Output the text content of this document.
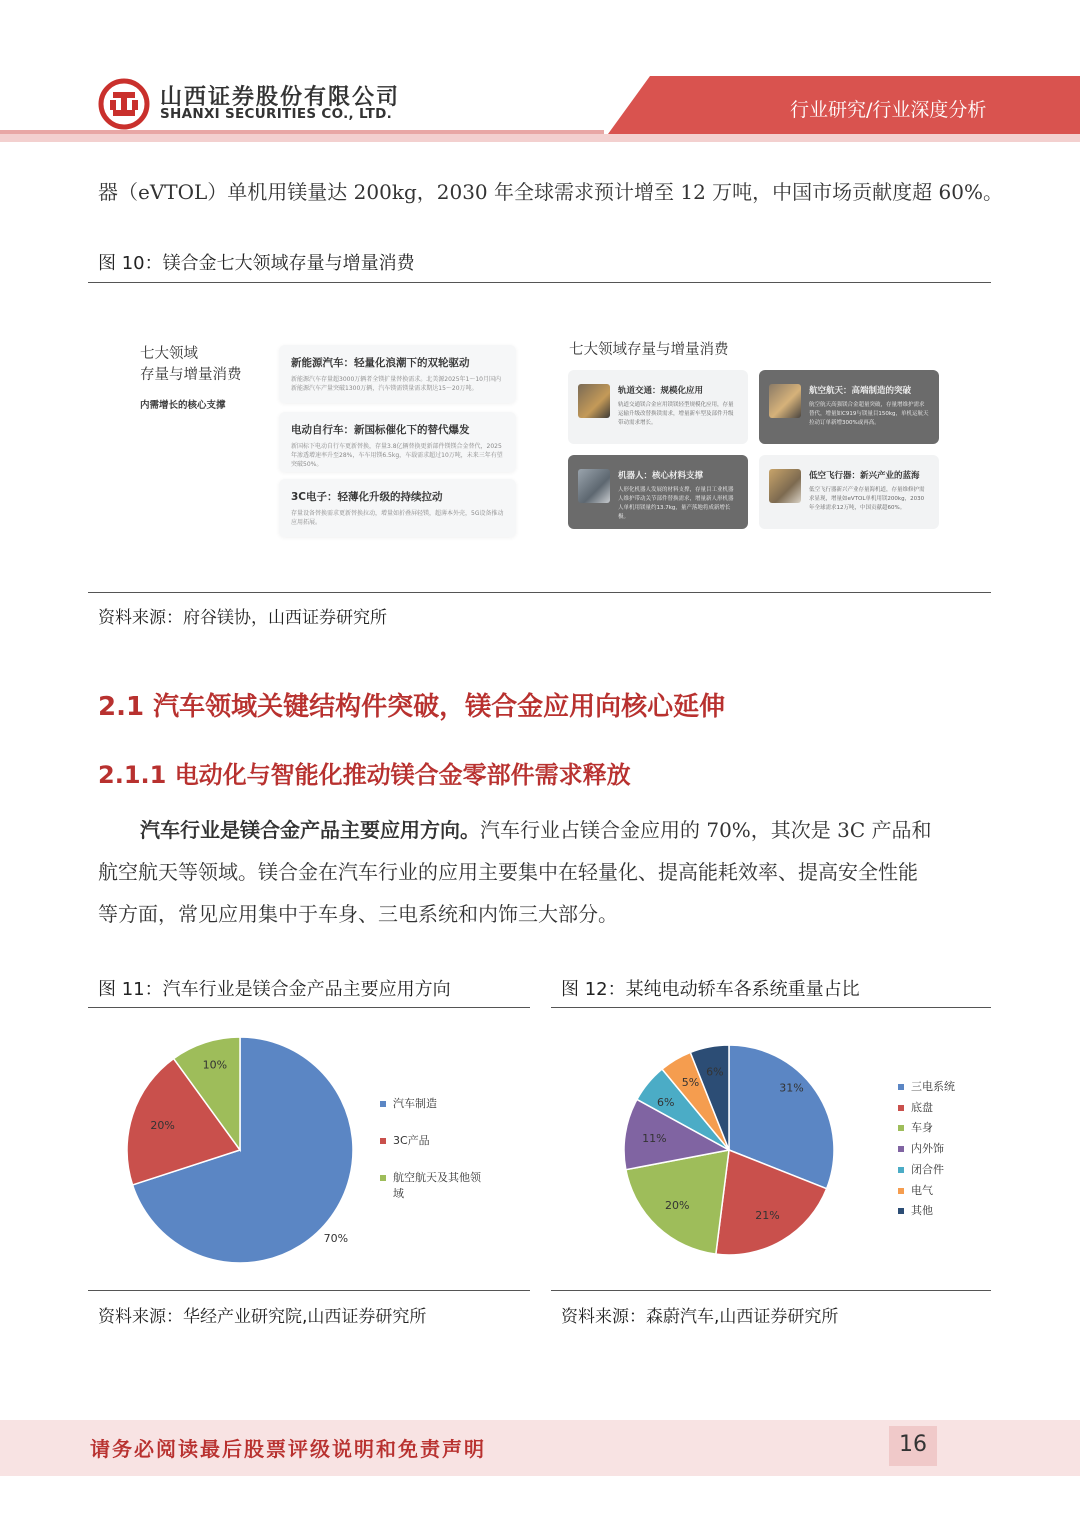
山西证券股份有限公司
SHANXI SECURITIES CO., LTD.	行业研究/行业深度分析
器（eVTOL）单机用镁量达 200kg，2030 年全球需求预计增至 12 万吨，中国市场贡献度超 60%。
图 10：镁合金七大领域存量与增量消费
七大领域
存量与增量消费
内需增长的核心支撑
新能源汽车：轻量化浪潮下的双轮驱动
新能源汽车存量超3000万辆者全镁扩量替换需求。北美源2025年1～10月国内新能源汽车产量突破1300万辆，汽车镁需镁量需求期达15～20万吨。
电动自行车：新国标催化下的替代爆发
新国标下电动自行车更新替换，存量3.8亿辆替换更新部件镁镁合金替代，2025年渗透增速率升至28%，车车用镁6.5kg，车载需求超过10万吨，未来三年有望突破50%。
3C电子：轻薄化升级的持续拉动
存量设备替换需求更新替换拉动，增量如折叠屏轻镁，超薄本外壳，5G设备推动应用拓展。
七大领域存量与增量消费
轨道交通：规模化应用
轨道交通镁合金应用镁镁轻型规模化应用，存量运输升级改替换镁需求，增量新车型及部件升级带动需求增长。
航空航天：高端制造的突破
航空航天高强镁合金超量突破，存量增维护需求替代，增量如C919与镁量目150kg，单机运航天拉动订单新增300%或再高。
机器人：核心材料支撑
人形化机器人发展的材料支撑，存量目工业机器人维护带动关节部件替换需求，增量新人形机器人单机用镁量约13.7kg，量产落地将成新增长极。
低空飞行器：新兴产业的蓝海
低空飞行器新兴产业存量海机道，存量维修护需求显现，增量如eVTOL单机用镁200kg，2030年全球需求12万吨，中国贡献超60%。
资料来源：府谷镁协，山西证券研究所
2.1 汽车领域关键结构件突破，镁合金应用向核心延伸
2.1.1 电动化与智能化推动镁合金零部件需求释放
汽车行业是镁合金产品主要应用方向。汽车行业占镁合金应用的 70%，其次是 3C 产品和
航空航天等领域。镁合金在汽车行业的应用主要集中在轻量化、提高能耗效率、提高安全性能
等方面，常见应用集中于车身、三电系统和内饰三大部分。
图 11：汽车行业是镁合金产品主要应用方向
70%
20%
10%
汽车制造
3C产品
航空航天及其他领
域
资料来源：华经产业研究院,山西证券研究所
图 12：某纯电动轿车各系统重量占比
31%
21%
20%
11%
6%
5%
6%
三电系统
底盘
车身
内外饰
闭合件
电气
其他
资料来源：森蔚汽车,山西证券研究所
请务必阅读最后股票评级说明和免责声明	16
